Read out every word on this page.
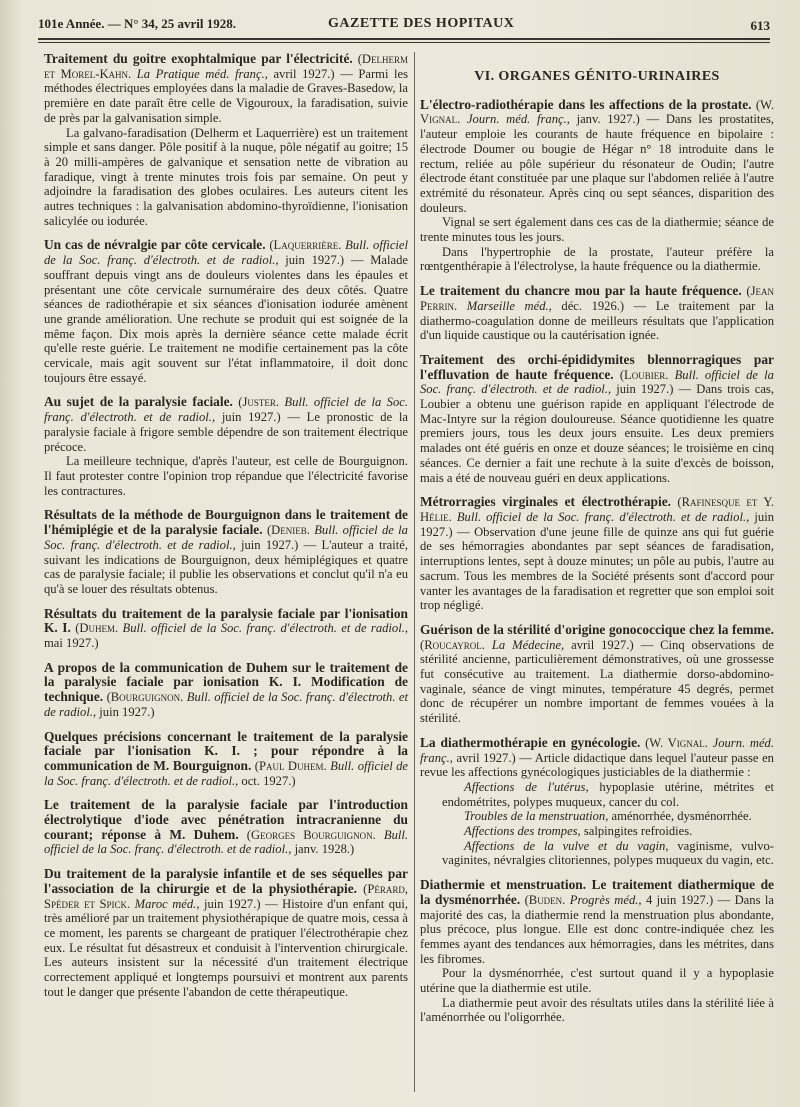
101e Année. — N° 34, 25 avril 1928.	GAZETTE DES HOPITAUX	613

Traitement du goitre exophtalmique par l'électricité. (Delherm et Morel-Kahn. La Pratique méd. franç., avril 1927.) — Parmi les méthodes électriques employées dans la maladie de Graves-Basedow, la première en date paraît être celle de Vigouroux, la faradisation, suivie de près par la galvanisation simple.

La galvano-faradisation (Delherm et Laquerrière) est un traitement simple et sans danger. Pôle positif à la nuque, pôle négatif au goitre; 15 à 20 milli-ampères de galvanique et sensation nette de vibration au faradique, vingt à trente minutes trois fois par semaine. On peut y adjoindre la faradisation des globes oculaires. Les auteurs citent les autres techniques : la galvanisation abdomino-thyroïdienne, l'ionisation salicylée ou iodurée.

Un cas de névralgie par côte cervicale. (Laquerrière. Bull. officiel de la Soc. franç. d'électroth. et de radiol., juin 1927.) — Malade souffrant depuis vingt ans de douleurs violentes dans les épaules et présentant une côte cervicale surnuméraire des deux côtés. Quatre séances de radiothérapie et six séances d'ionisation iodurée amènent une grande amélioration. Une rechute se produit qui est soignée de la même façon. Dix mois après la dernière séance cette malade écrit qu'elle reste guérie. Le traitement ne modifie certainement pas la côte cervicale, mais agit souvent sur l'état inflammatoire, il doit donc toujours être essayé.

Au sujet de la paralysie faciale. (Juster. Bull. officiel de la Soc. franç. d'électroth. et de radiol., juin 1927.) — Le pronostic de la paralysie faciale à frigore semble dépendre de son traitement électrique précoce.

La meilleure technique, d'après l'auteur, est celle de Bourguignon. Il faut protester contre l'opinion trop répandue que l'électricité favorise les contractures.

Résultats de la méthode de Bourguignon dans le traitement de l'hémiplégie et de la paralysie faciale. (Denieb. Bull. officiel de la Soc. franç. d'électroth. et de radiol., juin 1927.) — L'auteur a traité, suivant les indications de Bourguignon, deux hémiplégiques et quatre cas de paralysie faciale; il publie les observations et conclut qu'il n'a eu qu'à se louer des résultats obtenus.

Résultats du traitement de la paralysie faciale par l'ionisation K. I. (Duhem. Bull. officiel de la Soc. franç. d'électroth. et de radiol., mai 1927.)

A propos de la communication de Duhem sur le traitement de la paralysie faciale par ionisation K. I. Modification de technique. (Bourguignon. Bull. officiel de la Soc. franç. d'électroth. et de radiol., juin 1927.)

Quelques précisions concernant le traitement de la paralysie faciale par l'ionisation K. I. ; pour répondre à la communication de M. Bourguignon. (Paul Duhem. Bull. officiel de la Soc. franç. d'électroth. et de radiol., oct. 1927.)

Le traitement de la paralysie faciale par l'introduction électrolytique d'iode avec pénétration intracranienne du courant; réponse à M. Duhem. (Georges Bourguignon. Bull. officiel de la Soc. franç. d'électroth. et de radiol., janv. 1928.)

Du traitement de la paralysie infantile et de ses séquelles par l'association de la chirurgie et de la physiothérapie. (Pérard, Spéder et Spick. Maroc méd., juin 1927.) — Histoire d'un enfant qui, très amélioré par un traitement physiothérapique de quatre mois, cessa à ce moment, les parents se chargeant de pratiquer l'électrothérapie chez eux. Le résultat fut désastreux et conduisit à l'intervention chirurgicale. Les auteurs insistent sur la nécessité d'un traitement électrique correctement appliqué et longtemps poursuivi et montrent aux parents tout le danger que présente l'abandon de cette thérapeutique.

VI. ORGANES GÉNITO-URINAIRES

L'électro-radiothérapie dans les affections de la prostate. (W. Vignal. Journ. méd. franç., janv. 1927.) — Dans les prostatites, l'auteur emploie les courants de haute fréquence en bipolaire : électrode Doumer ou bougie de Hégar n° 18 introduite dans le rectum, reliée au pôle supérieur du résonateur de Oudin; l'autre électrode étant constituée par une plaque sur l'abdomen reliée à l'autre extrémité du résonateur. Après cinq ou sept séances, disparition des douleurs.

Vignal se sert également dans ces cas de la diathermie; séance de trente minutes tous les jours.

Dans l'hypertrophie de la prostate, l'auteur préfère la rœntgenthérapie à l'électrolyse, la haute fréquence ou la diathermie.

Le traitement du chancre mou par la haute fréquence. (Jean Perrin. Marseille méd., déc. 1926.) — Le traitement par la diathermo-coagulation donne de meilleurs résultats que l'application d'un liquide caustique ou la cautérisation ignée.

Traitement des orchi-épididymites blennorragiques par l'effluvation de haute fréquence. (Loubier. Bull. officiel de la Soc. franç. d'électroth. et de radiol., juin 1927.) — Dans trois cas, Loubier a obtenu une guérison rapide en appliquant l'électrode de Mac-Intyre sur la région douloureuse. Séance quotidienne les quatre premiers jours, tous les deux jours ensuite. Les deux premiers malades ont été guéris en onze et douze séances; le troisième en cinq séances. Ce dernier a fait une rechute à la suite d'excès de boisson, mais a été de nouveau guéri en deux applications.

Métrorragies virginales et électrothérapie. (Rafinesque et Y. Hélie. Bull. officiel de la Soc. franç. d'électroth. et de radiol., juin 1927.) — Observation d'une jeune fille de quinze ans qui fut guérie de ses hémorragies abondantes par sept séances de faradisation, interruptions lentes, sept à douze minutes; un pôle au pubis, l'autre au sacrum. Tous les membres de la Société présents sont d'accord pour vanter les avantages de la faradisation et regretter que son emploi soit trop négligé.

Guérison de la stérilité d'origine gonococcique chez la femme. (Roucayrol. La Médecine, avril 1927.) — Cinq observations de stérilité ancienne, particulièrement démonstratives, où une grossesse fut consécutive au traitement. La diathermie dorso-abdomino-vaginale, séance de vingt minutes, température 45 degrés, permet donc de récupérer un nombre important de femmes vouées à la stérilité.

La diathermothérapie en gynécologie. (W. Vignal. Journ. méd. franç., avril 1927.) — Article didactique dans lequel l'auteur passe en revue les affections gynécologiques justiciables de la diathermie :

Affections de l'utérus, hypoplasie utérine, métrites et endométrites, polypes muqueux, cancer du col.

Troubles de la menstruation, aménorrhée, dysménorrhée.

Affections des trompes, salpingites refroidies.

Affections de la vulve et du vagin, vaginisme, vulvo-vaginites, névralgies clitoriennes, polypes muqueux du vagin, etc.

Diathermie et menstruation. Le traitement diathermique de la dysménorrhée. (Buden. Progrès méd., 4 juin 1927.) — Dans la majorité des cas, la diathermie rend la menstruation plus abondante, plus précoce, plus longue. Elle est donc contre-indiquée chez les femmes ayant des tendances aux hémorragies, dans les métrites, dans les fibromes.

Pour la dysménorrhée, c'est surtout quand il y a hypoplasie utérine que la diathermie est utile.

La diathermie peut avoir des résultats utiles dans la stérilité liée à l'aménorrhée ou l'oligorrhée.
